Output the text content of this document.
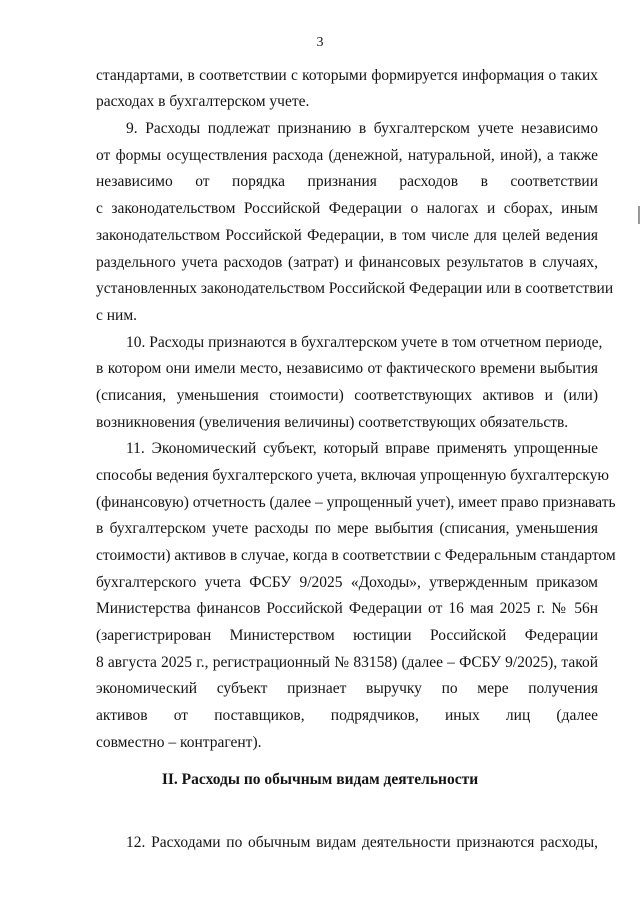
3
стандартами, в соответствии с которыми формируется информация о таких
расходах в бухгалтерском учете.
9. Расходы подлежат признанию в бухгалтерском учете независимо
от формы осуществления расхода (денежной, натуральной, иной), а также
независимо от порядка признания расходов в соответствии
с законодательством Российской Федерации о налогах и сборах, иным
законодательством Российской Федерации, в том числе для целей ведения
раздельного учета расходов (затрат) и финансовых результатов в случаях,
установленных законодательством Российской Федерации или в соответствии
с ним.
10. Расходы признаются в бухгалтерском учете в том отчетном периоде,
в котором они имели место, независимо от фактического времени выбытия
(списания, уменьшения стоимости) соответствующих активов и (или)
возникновения (увеличения величины) соответствующих обязательств.
11. Экономический субъект, который вправе применять упрощенные
способы ведения бухгалтерского учета, включая упрощенную бухгалтерскую
(финансовую) отчетность (далее – упрощенный учет), имеет право признавать
в бухгалтерском учете расходы по мере выбытия (списания, уменьшения
стоимости) активов в случае, когда в соответствии с Федеральным стандартом
бухгалтерского учета ФСБУ 9/2025 «Доходы», утвержденным приказом
Министерства финансов Российской Федерации от 16 мая 2025 г. № 56н
(зарегистрирован Министерством юстиции Российской Федерации
8 августа 2025 г., регистрационный № 83158) (далее – ФСБУ 9/2025), такой
экономический субъект признает выручку по мере получения
активов от поставщиков, подрядчиков, иных лиц (далее
совместно – контрагент).
II. Расходы по обычным видам деятельности
12. Расходами по обычным видам деятельности признаются расходы,
